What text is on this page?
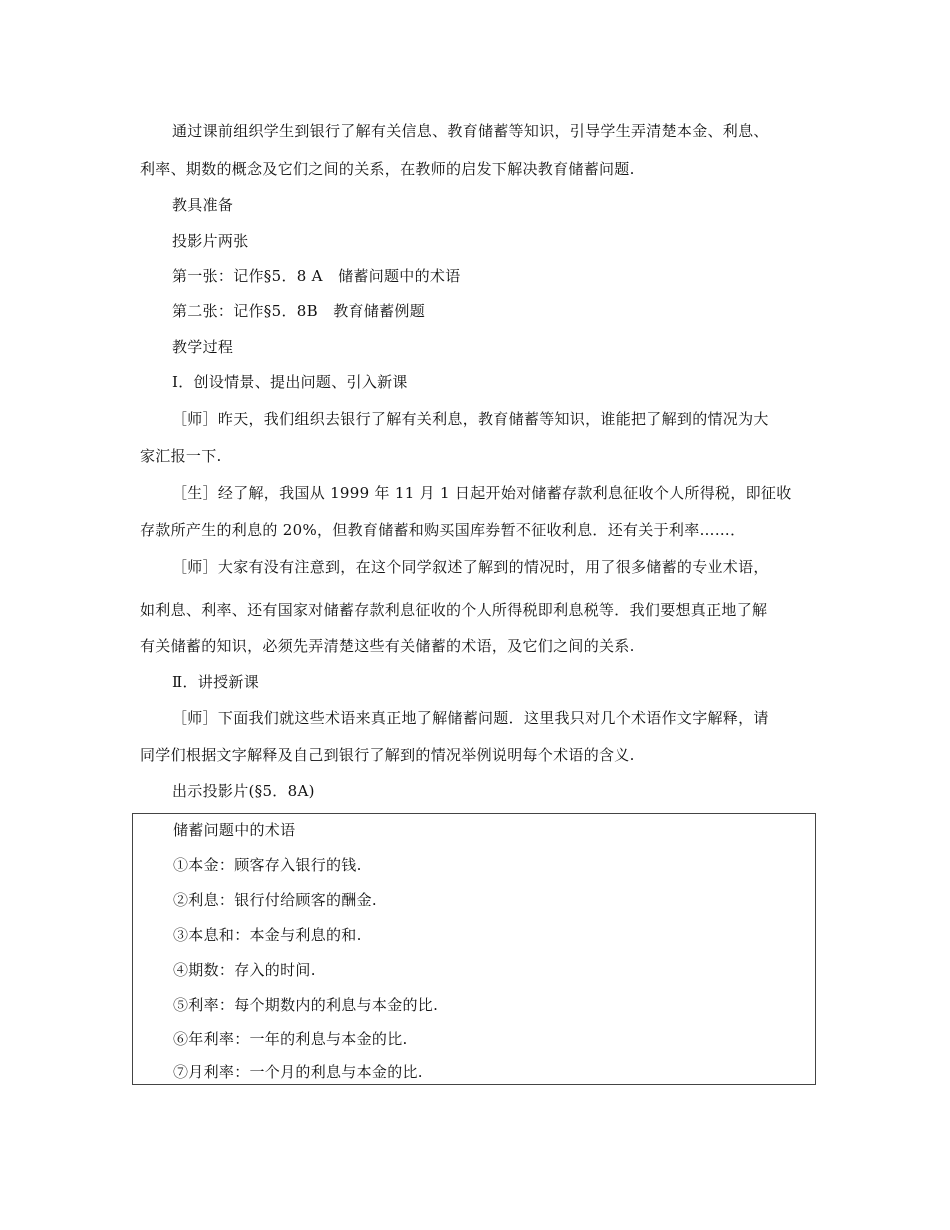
通过课前组织学生到银行了解有关信息、教育储蓄等知识，引导学生弄清楚本金、利息、
利率、期数的概念及它们之间的关系，在教师的启发下解决教育储蓄问题.
教具准备
投影片两张
第一张：记作§5．8 A　储蓄问题中的术语
第二张：记作§5．8B　教育储蓄例题
教学过程
Ⅰ．创设情景、提出问题、引入新课
［师］昨天，我们组织去银行了解有关利息，教育储蓄等知识，谁能把了解到的情况为大
家汇报一下.
［生］经了解，我国从 1999 年 11 月 1 日起开始对储蓄存款利息征收个人所得税，即征收
存款所产生的利息的 20%，但教育储蓄和购买国库券暂不征收利息．还有关于利率……．
［师］大家有没有注意到，在这个同学叙述了解到的情况时，用了很多储蓄的专业术语，
如利息、利率、还有国家对储蓄存款利息征收的个人所得税即利息税等．我们要想真正地了解
有关储蓄的知识，必须先弄清楚这些有关储蓄的术语，及它们之间的关系.
Ⅱ．讲授新课
［师］下面我们就这些术语来真正地了解储蓄问题．这里我只对几个术语作文字解释，请
同学们根据文字解释及自己到银行了解到的情况举例说明每个术语的含义.
出示投影片(§5．8A)
储蓄问题中的术语
①本金：顾客存入银行的钱.
②利息：银行付给顾客的酬金.
③本息和：本金与利息的和.
④期数：存入的时间.
⑤利率：每个期数内的利息与本金的比.
⑥年利率：一年的利息与本金的比.
⑦月利率：一个月的利息与本金的比.
